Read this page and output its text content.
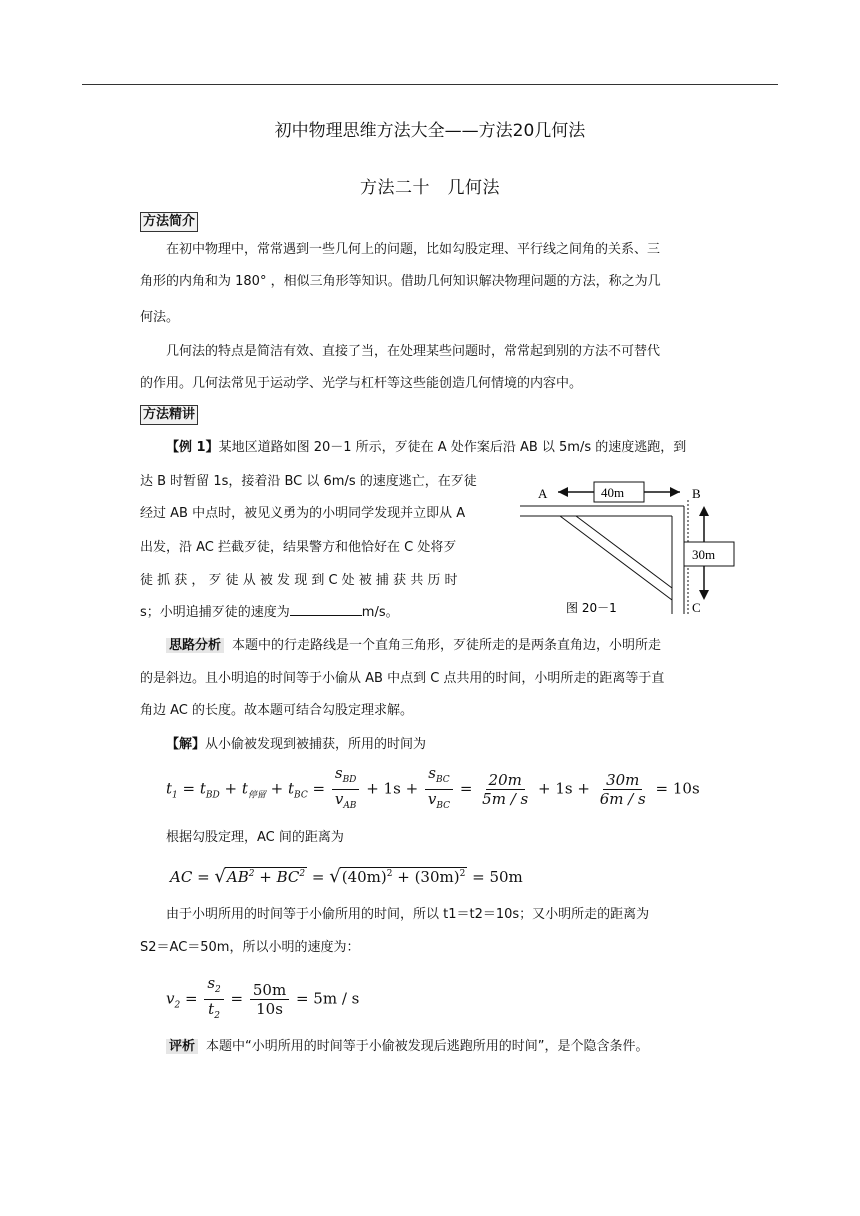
初中物理思维方法大全——方法20几何法
方法二十　几何法
方法简介
在初中物理中，常常遇到一些几何上的问题，比如勾股定理、平行线之间角的关系、三
角形的内角和为 180° ，相似三角形等知识。借助几何知识解决物理问题的方法，称之为几
何法。
几何法的特点是简洁有效、直接了当，在处理某些问题时，常常起到别的方法不可替代
的作用。几何法常见于运动学、光学与杠杆等这些能创造几何情境的内容中。
方法精讲
【例 1】某地区道路如图 20－1 所示，歹徒在 A 处作案后沿 AB 以 5m/s 的速度逃跑，到
达 B 时暂留 1s，接着沿 BC 以 6m/s 的速度逃亡，在歹徒
经过 AB 中点时，被见义勇为的小明同学发现并立即从 A
出发，沿 AC 拦截歹徒，结果警方和他恰好在 C 处将歹
徒 抓 获 ， 歹 徒 从 被 发 现 到 C 处 被 捕 获 共 历 时
s；小明追捕歹徒的速度为	m/s。
A	B
C
40m
30m
图 20－1
思路分析 本题中的行走路线是一个直角三角形，歹徒所走的是两条直角边，小明所走
的是斜边。且小明追的时间等于小偷从 AB 中点到 C 点共用的时间，小明所走的距离等于直
角边 AC 的长度。故本题可结合勾股定理求解。
【解】从小偷被发现到被捕获，所用的时间为
$t_1 = t_{BD} + t_{停留} + t_{BC} = \frac{s_{BD}}{v_{AB}} + 1s + \frac{s_{BC}}{v_{BC}} = \frac{20m}{5m / s} + 1s + \frac{30m}{6m / s} = 10s$
根据勾股定理，AC 间的距离为
AC = $√AB^2 + BC^2 = √(40m)^2 + (30m)^2 = 50m$
由于小明所用的时间等于小偷所用的时间，所以 t1＝t2＝10s；又小明所走的距离为
S2＝AC＝50m，所以小明的速度为：
$v_2 = \frac{s_2}{t_2} = \frac{50m}{10s} = 5m / s$
评析 本题中“小明所用的时间等于小偷被发现后逃跑所用的时间”，是个隐含条件。
